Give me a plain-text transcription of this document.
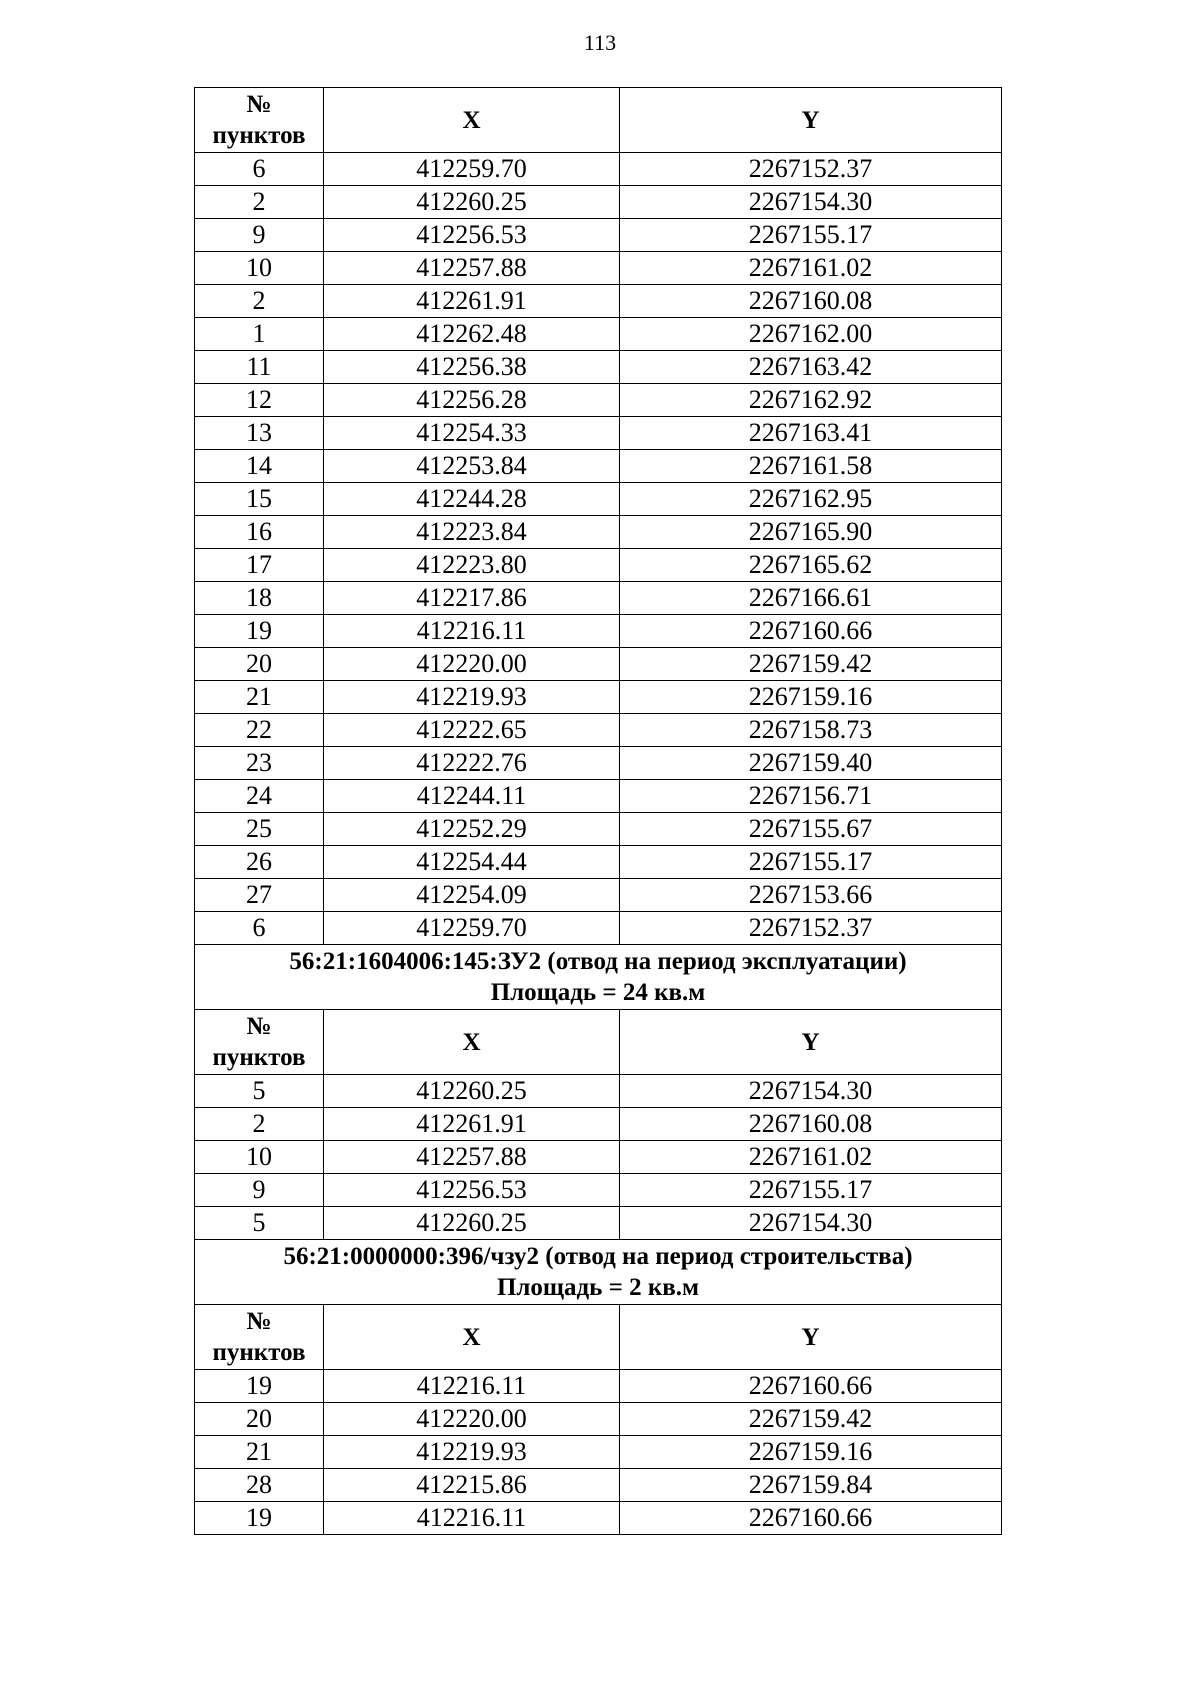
113
№
пунктов	X	Y
6	412259.70	2267152.37
2	412260.25	2267154.30
9	412256.53	2267155.17
10	412257.88	2267161.02
2	412261.91	2267160.08
1	412262.48	2267162.00
11	412256.38	2267163.42
12	412256.28	2267162.92
13	412254.33	2267163.41
14	412253.84	2267161.58
15	412244.28	2267162.95
16	412223.84	2267165.90
17	412223.80	2267165.62
18	412217.86	2267166.61
19	412216.11	2267160.66
20	412220.00	2267159.42
21	412219.93	2267159.16
22	412222.65	2267158.73
23	412222.76	2267159.40
24	412244.11	2267156.71
25	412252.29	2267155.67
26	412254.44	2267155.17
27	412254.09	2267153.66
6	412259.70	2267152.37

56:21:1604006:145:ЗУ2 (отвод на период эксплуатации)
Площадь = 24 кв.м		

№
пунктов	X	Y
5	412260.25	2267154.30
2	412261.91	2267160.08
10	412257.88	2267161.02
9	412256.53	2267155.17
5	412260.25	2267154.30

56:21:0000000:396/чзу2 (отвод на период строительства)
Площадь = 2 кв.м		

№
пунктов	X	Y
19	412216.11	2267160.66
20	412220.00	2267159.42
21	412219.93	2267159.16
28	412215.86	2267159.84
19	412216.11	2267160.66
